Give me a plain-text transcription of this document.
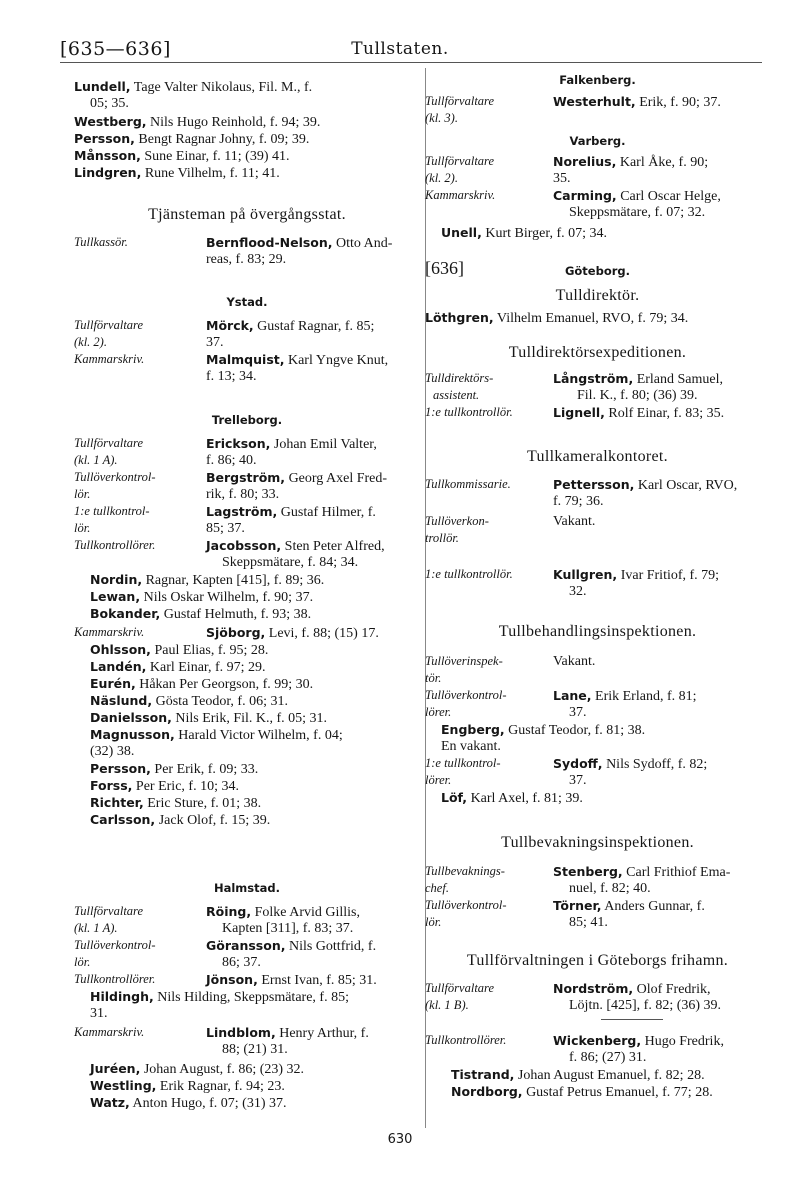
[635—636]	Tullstaten.
Lundell, Tage Valter Nikolaus, Fil. M., f.
05; 35.
Westberg, Nils Hugo Reinhold, f. 94; 39.
Persson, Bengt Ragnar Johny, f. 09; 39.
Månsson, Sune Einar, f. 11; (39) 41.
Lindgren, Rune Vilhelm, f. 11; 41.
Tjänsteman på övergångsstat.
Tullkassör.	Bernflood-Nelson, Otto And-
reas, f. 83; 29.
Ystad.
Tullförvaltare	Mörck, Gustaf Ragnar, f. 85;
(kl. 2).	37.
Kammarskriv.	Malmquist, Karl Yngve Knut,
f. 13; 34.
Trelleborg.
Tullförvaltare	Erickson, Johan Emil Valter,
(kl. 1 A).	f. 86; 40.
Tullöverkontrol-	Bergström, Georg Axel Fred-
lör.	rik, f. 80; 33.
1:e tullkontrol-	Lagström, Gustaf Hilmer, f.
lör.	85; 37.
Tullkontrollörer.	Jacobsson, Sten Peter Alfred,
Skeppsmätare, f. 84; 34.
Nordin, Ragnar, Kapten [415], f. 89; 36.
Lewan, Nils Oskar Wilhelm, f. 90; 37.
Bokander, Gustaf Helmuth, f. 93; 38.
Kammarskriv.	Sjöborg, Levi, f. 88; (15) 17.
Ohlsson, Paul Elias, f. 95; 28.
Landén, Karl Einar, f. 97; 29.
Eurén, Håkan Per Georgson, f. 99; 30.
Näslund, Gösta Teodor, f. 06; 31.
Danielsson, Nils Erik, Fil. K., f. 05; 31.
Magnusson, Harald Victor Wilhelm, f. 04;
(32) 38.
Persson, Per Erik, f. 09; 33.
Forss, Per Eric, f. 10; 34.
Richter, Eric Sture, f. 01; 38.
Carlsson, Jack Olof, f. 15; 39.
Halmstad.
Tullförvaltare	Röing, Folke Arvid Gillis,
(kl. 1 A).	Kapten [311], f. 83; 37.
Tullöverkontrol-	Göransson, Nils Gottfrid, f.
lör.	86; 37.
Tullkontrollörer.	Jönson, Ernst Ivan, f. 85; 31.
Hildingh, Nils Hilding, Skeppsmätare, f. 85;
31.
Kammarskriv.	Lindblom, Henry Arthur, f.
88; (21) 31.
Juréen, Johan August, f. 86; (23) 32.
Westling, Erik Ragnar, f. 94; 23.
Watz, Anton Hugo, f. 07; (31) 37.
Falkenberg.
Tullförvaltare	Westerhult, Erik, f. 90; 37.
(kl. 3).
Varberg.
Tullförvaltare	Norelius, Karl Åke, f. 90;
(kl. 2).	35.
Kammarskriv.	Carming, Carl Oscar Helge,
Skeppsmätare, f. 07; 32.
Unell, Kurt Birger, f. 07; 34.
[636]	Göteborg.
Tulldirektör.
Löthgren, Vilhelm Emanuel, RVO, f. 79; 34.
Tulldirektörsexpeditionen.
Tulldirektörs-	Långström, Erland Samuel,
assistent.	Fil. K., f. 80; (36) 39.
1:e tullkontrollör.	Lignell, Rolf Einar, f. 83; 35.
Tullkameralkontoret.
Tullkommissarie.	Pettersson, Karl Oscar, RVO,
f. 79; 36.
Tullöverkon-	Vakant.
trollör.
1:e tullkontrollör.	Kullgren, Ivar Fritiof, f. 79;
32.
Tullbehandlingsinspektionen.
Tullöverinspek-	Vakant.
tör.
Tullöverkontrol-	Lane, Erik Erland, f. 81;
lörer.	37.
Engberg, Gustaf Teodor, f. 81; 38.
En vakant.
1:e tullkontrol-	Sydoff, Nils Sydoff, f. 82;
lörer.	37.
Löf, Karl Axel, f. 81; 39.
Tullbevakningsinspektionen.
Tullbevaknings-	Stenberg, Carl Frithiof Ema-
chef.	nuel, f. 82; 40.
Tullöverkontrol-	Törner, Anders Gunnar, f.
lör.	85; 41.
Tullförvaltningen i Göteborgs frihamn.
Tullförvaltare	Nordström, Olof Fredrik,
(kl. 1 B).	Löjtn. [425], f. 82; (36) 39.
Tullkontrollörer.	Wickenberg, Hugo Fredrik,
f. 86; (27) 31.
Tistrand, Johan August Emanuel, f. 82; 28.
Nordborg, Gustaf Petrus Emanuel, f. 77; 28.
630
